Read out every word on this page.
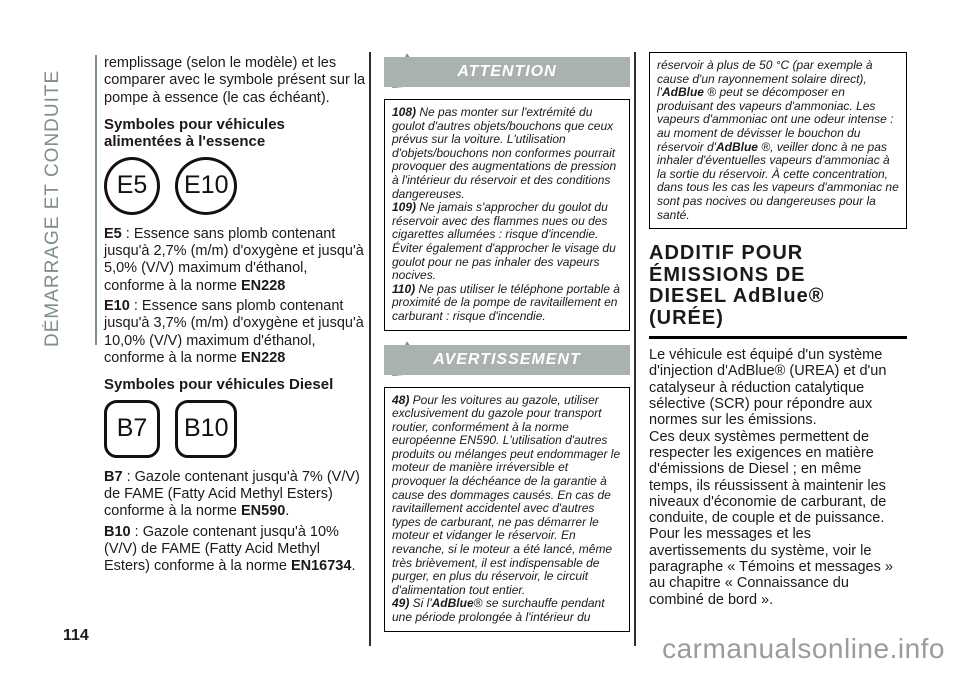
DÉMARRAGE ET CONDUITE
114

remplissage (selon le modèle) et les comparer avec le symbole présent sur la pompe à essence (le cas échéant).

Symboles pour véhicules alimentées à l'essence
E5	E10

E5 : Essence sans plomb contenant jusqu'à 2,7% (m/m) d'oxygène et jusqu'à 5,0% (V/V) maximum d'éthanol, conforme à la norme EN228

E10 : Essence sans plomb contenant jusqu'à 3,7% (m/m) d'oxygène et jusqu'à 10,0% (V/V) maximum d'éthanol, conforme à la norme EN228

Symboles pour véhicules Diesel
B7	B10

B7 : Gazole contenant jusqu'à 7% (V/V) de FAME (Fatty Acid Methyl Esters) conforme à la norme EN590.

B10 : Gazole contenant jusqu'à 10% (V/V) de FAME (Fatty Acid Methyl Esters) conforme à la norme EN16734.

ATTENTION

108) Ne pas monter sur l'extrémité du goulot d'autres objets/bouchons que ceux prévus sur la voiture. L'utilisation d'objets/bouchons non conformes pourrait provoquer des augmentations de pression à l'intérieur du réservoir et des conditions dangereuses.

109) Ne jamais s'approcher du goulot du réservoir avec des flammes nues ou des cigarettes allumées : risque d'incendie. Éviter également d'approcher le visage du goulot pour ne pas inhaler des vapeurs nocives.

110) Ne pas utiliser le téléphone portable à proximité de la pompe de ravitaillement en carburant : risque d'incendie.

AVERTISSEMENT

48) Pour les voitures au gazole, utiliser exclusivement du gazole pour transport routier, conformément à la norme européenne EN590. L'utilisation d'autres produits ou mélanges peut endommager le moteur de manière irréversible et provoquer la déchéance de la garantie à cause des dommages causés. En cas de ravitaillement accidentel avec d'autres types de carburant, ne pas démarrer le moteur et vidanger le réservoir. En revanche, si le moteur a été lancé, même très brièvement, il est indispensable de purger, en plus du réservoir, le circuit d'alimentation tout entier.

49) Si l'AdBlue® se surchauffe pendant une période prolongée à l'intérieur du

réservoir à plus de 50 °C (par exemple à cause d'un rayonnement solaire direct), l'AdBlue ® peut se décomposer en produisant des vapeurs d'ammoniac. Les vapeurs d'ammoniac ont une odeur intense : au moment de dévisser le bouchon du réservoir d'AdBlue ®, veiller donc à ne pas inhaler d'éventuelles vapeurs d'ammoniac à la sortie du réservoir. À cette concentration, dans tous les cas les vapeurs d'ammoniac ne sont pas nocives ou dangereuses pour la santé.

ADDITIF POUR
ÉMISSIONS DE
DIESEL AdBlue®
(URÉE)

Le véhicule est équipé d'un système d'injection d'AdBlue® (UREA) et d'un catalyseur à réduction catalytique sélective (SCR) pour répondre aux normes sur les émissions.

Ces deux systèmes permettent de respecter les exigences en matière d'émissions de Diesel ; en même temps, ils réussissent à maintenir les niveaux d'économie de carburant, de conduite, de couple et de puissance. Pour les messages et les avertissements du système, voir le paragraphe « Témoins et messages » au chapitre « Connaissance du combiné de bord ».

carmanualsonline.info
